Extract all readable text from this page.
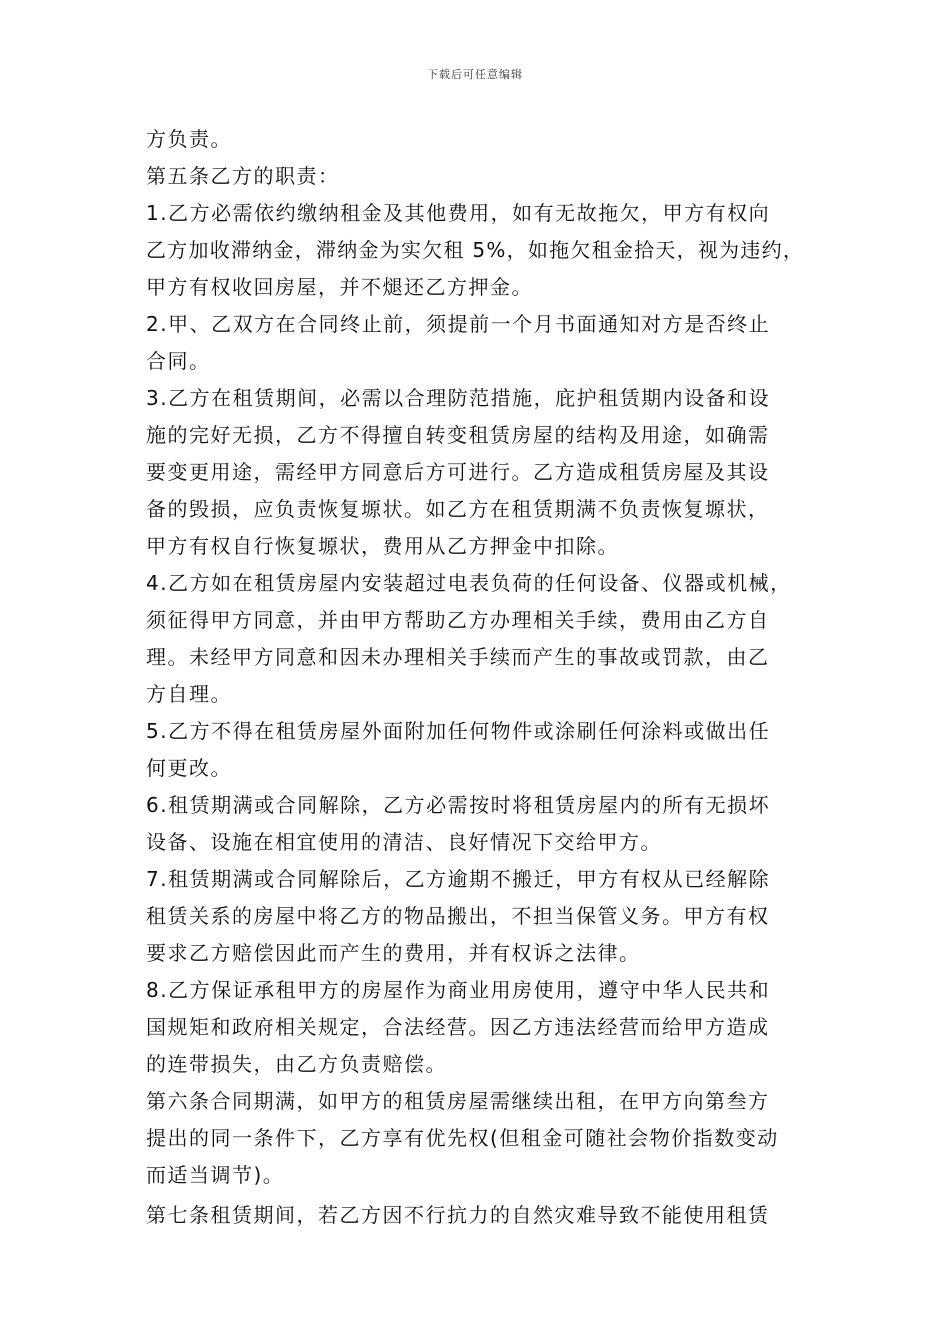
下载后可任意编辑
方负责。
第五条乙方的职责：
1.乙方必需依约缴纳租金及其他费用，如有无故拖欠，甲方有权向
乙方加收滞纳金，滞纳金为实欠租 5%，如拖欠租金拾天，视为违约，
甲方有权收回房屋，并不煺还乙方押金。
2.甲、乙双方在合同终止前，须提前一个月书面通知对方是否终止
合同。
3.乙方在租赁期间，必需以合理防范措施，庇护租赁期内设备和设
施的完好无损，乙方不得擅自转变租赁房屋的结构及用途，如确需
要变更用途，需经甲方同意后方可进行。乙方造成租赁房屋及其设
备的毁损，应负责恢复塬状。如乙方在租赁期满不负责恢复塬状，
甲方有权自行恢复塬状，费用从乙方押金中扣除。
4.乙方如在租赁房屋内安装超过电表负荷的任何设备、仪器或机械，
须征得甲方同意，并由甲方帮助乙方办理相关手续，费用由乙方自
理。未经甲方同意和因未办理相关手续而产生的事故或罚款，由乙
方自理。
5.乙方不得在租赁房屋外面附加任何物件或涂刷任何涂料或做出任
何更改。
6.租赁期满或合同解除，乙方必需按时将租赁房屋内的所有无损坏
设备、设施在相宜使用的清洁、良好情况下交给甲方。
7.租赁期满或合同解除后，乙方逾期不搬迁，甲方有权从已经解除
租赁关系的房屋中将乙方的物品搬出，不担当保管义务。甲方有权
要求乙方赔偿因此而产生的费用，并有权诉之法律。
8.乙方保证承租甲方的房屋作为商业用房使用，遵守中华人民共和
国规矩和政府相关规定，合法经营。因乙方违法经营而给甲方造成
的连带损失，由乙方负责赔偿。
第六条合同期满，如甲方的租赁房屋需继续出租，在甲方向第叁方
提出的同一条件下，乙方享有优先权(但租金可随社会物价指数变动
而适当调节)。
第七条租赁期间，若乙方因不行抗力的自然灾难导致不能使用租赁
